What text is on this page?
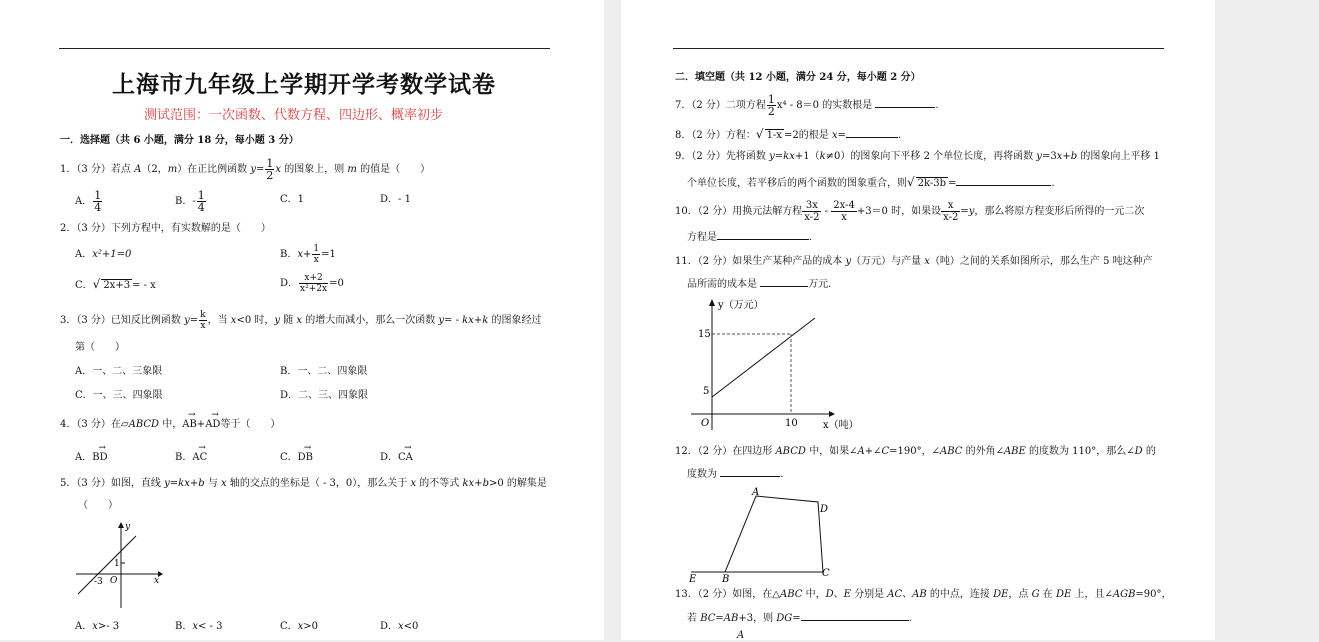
上海市九年级上学期开学考数学试卷
测试范围：一次函数、代数方程、四边形、概率初步
一．选择题（共 6 小题，满分 18 分，每小题 3 分）
1．（3 分）若点 A（2，m）在正比例函数 $y= \frac{1}{2}$ x 的图象上，则 m 的值是（　　）
A． $\frac{1}{4}$	B．- $\frac{1}{4}$	C．1	D．- 1
2．（3 分）下列方程中，有实数解的是（　　）
A．x²+1=0	B．$x+ \frac{1}{x} =1$
C．√ 2x+3 = - x	D． $\frac{x+2}{\text{x²+2x}} =0$
3．（3 分）已知反比例函数 $y= \frac{k}{x}$ ，当 x<0 时，y 随 x 的增大而减小，那么一次函数 y= - kx+k 的图象经过
第（　　）
A．一、二、三象限	B．一、二、四象限
C．一、三、四象限	D．二、三、四象限
4．（3 分）在▱ABCD 中，→ AB+→ AD等于（　　）
A．→ BD	B．→ AC	C．→ DB	D．→ CA
5．（3 分）如图，直线 y=kx+b 与 x 轴的交点的坐标是（ - 3，0），那么关于 x 的不等式 kx+b>0 的解集是
（　　）
y
x
O
-3
1
A．x>- 3	B．x< - 3	C．x>0	D．x<0
二．填空题（共 12 小题，满分 24 分，每小题 2 分）
7．（2 分）二项方程 $\frac{1}{2} x^4 - 8=0$ 的实数根是	.
8．（2 分）方程：√ 1-x =2的根是 x=	.
9．（2 分）先将函数 y=kx+1（k≠0）的图象向下平移 2 个单位长度，再将函数 y=3x+b 的图象向上平移 1
个单位长度，若平移后的两个函数的图象重合，则√ 2k-3b =	.
10．（2 分）用换元法解方程 $\frac{3x}{x-2} - \frac{2x-4}{x} +3=0$ 时，如果设 $\frac{x}{x-2} =y$，那么将原方程变形后所得的一元二次
方程是	.
11．（2 分）如果生产某种产品的成本 y（万元）与产量 x（吨）之间的关系如图所示，那么生产 5 吨这种产
品所需的成本是	万元.
y（万元）
x（吨）
O
15
5
10
12．（2 分）在四边形 ABCD 中，如果∠A+∠C=190°，∠ABC 的外角∠ABE 的度数为 110°，那么∠D 的
度数为	.
A
D
C
B
E
13．（2 分）如图，在△ABC 中，D、E 分别是 AC、AB 的中点，连接 DE，点 G 在 DE 上，且∠AGB=90°，
若 BC=AB+3，则 DG=	.
A
